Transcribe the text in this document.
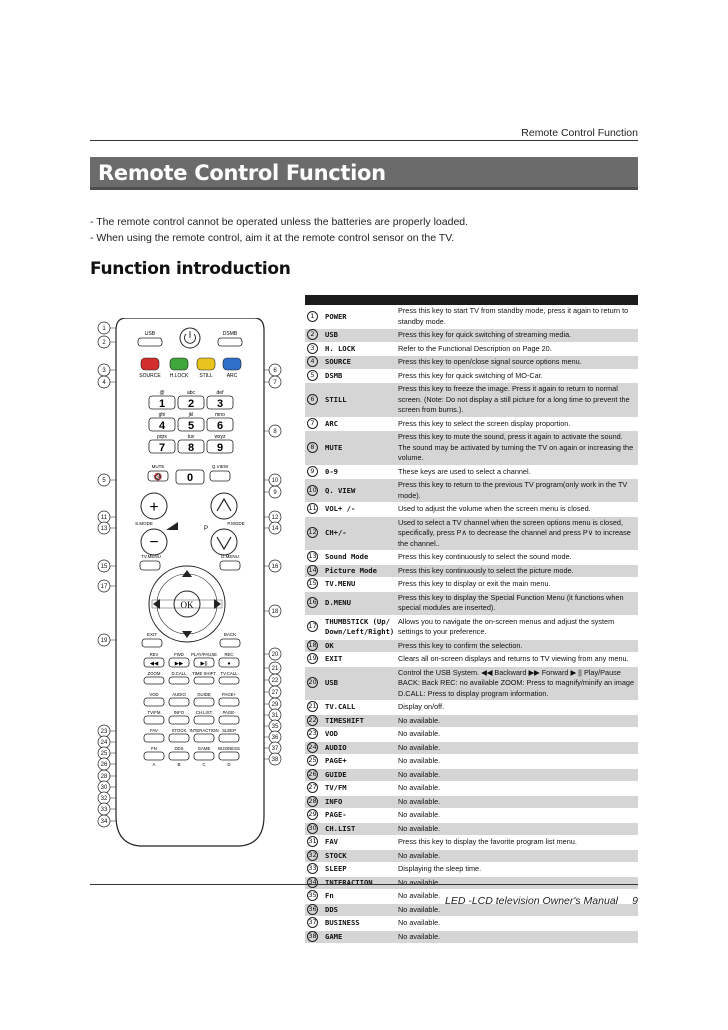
Remote Control Function
Remote Control Function
- The remote control cannot be operated unless the batteries are properly loaded.
- When using the remote control, aim it at the remote control sensor on the TV.
Function introduction
1
2
3
4
5
11
13
15
17
19
23
24
25
26
28
30
32
33
34
6
7
8
9
10
12
14
16
18
20
21
22
27
29
31
35
36
37
38
USB	DSMB
SOURCE H.LOCK STILL	ARC
@
1
abc
2
def
3
ghi
4
jkl
5
mno
6
pqrs
7
tuv
8
wxyz
9
MUTE
🔇 0
Q.VIEW
+
−
P
S.MODE	P.MODE
TV.MENU	D.MENU
OK
EXIT	BACK
REV
◀◀
FWD
▶▶
PLAY/PAUSE
▶||
REC
●
ZOOM	D.CALL TIME SHIFT TV.CALL
VOD	AUDIO	GUIDE	PAGE+
TV/FM	INFO	CH.LIST PAGE-
FAV	STOCK INTERACTION SLEEP
FN	DDS	GAME BUSINESS
A	B	C	D
1	POWER
Press this key to start TV from standby mode, press it again to return to standby mode.
2	USB	Press this key for quick switching of streaming media.
3	H. LOCK	Refer to the Functional Description on Page 20.
4	SOURCE	Press this key to open/close signal source options menu.
5	DSMB	Press this key for quick switching of MO-Car.
6	STILL
Press this key to freeze the image. Press it again to return to normal screen. (Note: Do not display a still picture for a long time to prevent the screen from burns.).
7	ARC	Press this key to select the screen display proportion.
8	MUTE
Press this key to mute the sound, press it again to activate the sound. The sound may be activated by turning the TV on again or increasing the volume.
9	0-9	These keys are used to select a channel.
10	Q. VIEW
Press this key to return to the previous TV program(only work in the TV mode).
11	VOL+ /-	Used to adjust the volume when the screen menu is closed.
12	CH+/-
Used to select a TV channel when the screen options menu is closed, specifically, press P∧ to decrease the channel and press P∨ to increase the channel..
13	Sound Mode	Press this key continuously to select the sound mode.
14	Picture Mode	Press this key continuously to select the picture mode.
15	TV.MENU	Press this key to display or exit the main menu.
16	D.MENU
Press this key to display the Special Function Menu (it functions when special modules are inserted).
17	THUMBSTICK (Up/ Down/Left/Right)
Allows you to navigate the on-screen menus and adjust the system settings to your preference.
18	OK	Press this key to confirm the selection.
19	EXIT	Clears all on-screen displays and returns to TV viewing from any menu.
20	USB
Control the USB System. ◀◀ Backward ▶▶ Forward ▶ || Play/Pause BACK: Back REC: no available ZOOM: Press to magnify/minify an image D.CALL: Press to display program information.
21	TV.CALL	Display on/off.
22	TIMESHIFT	No available.
23	VOD	No available.
24	AUDIO	No available.
25	PAGE+	No available.
26	GUIDE	No available.
27	TV/FM	No available.
28	INFO	No available.
29	PAGE-	No available.
30	CH.LIST	No available.
31	FAV	Press this key to display the favorite program list menu.
32	STOCK	No available.
33	SLEEP	Displaying the sleep time.
34	INTERACTION	No available.
35	Fn	No available.
36	DDS	No available.
37	BUSINESS	No available.
38	GAME	No available.
LED -LCD television Owner's Manual 9
